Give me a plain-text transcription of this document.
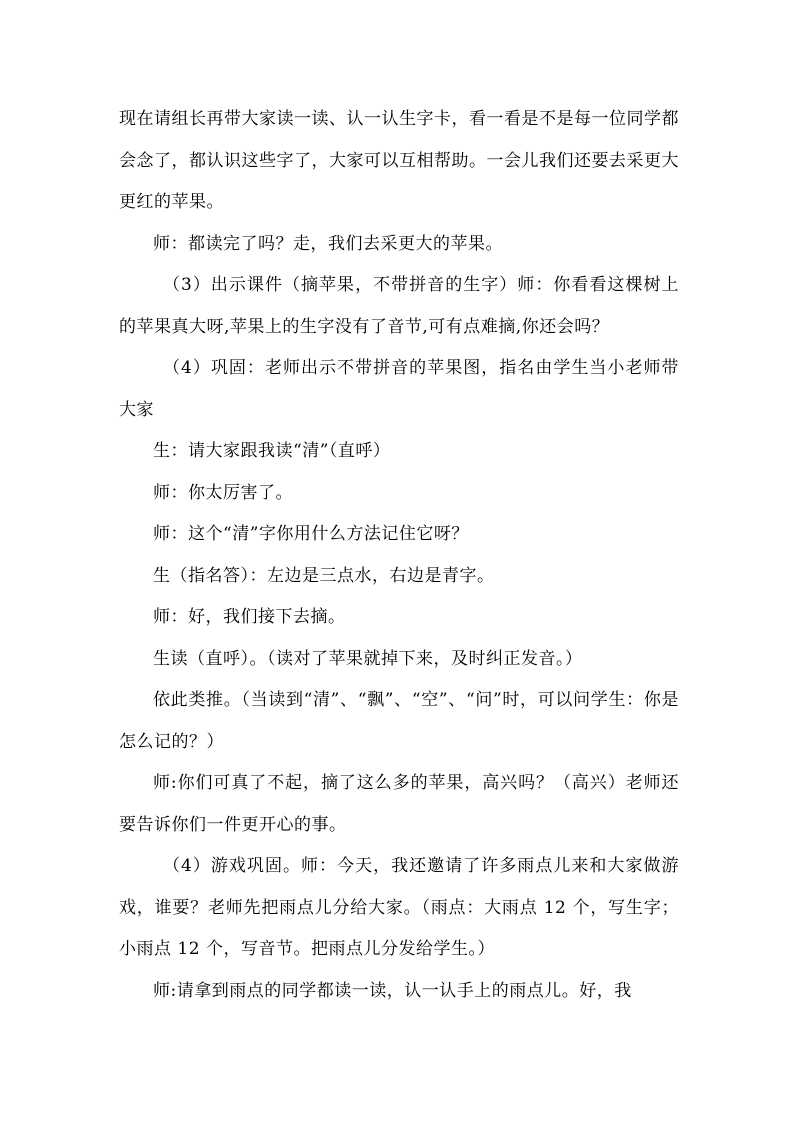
现在请组长再带大家读一读、认一认生字卡，看一看是不是每一位同学都会念了，都认识这些字了，大家可以互相帮助。一会儿我们还要去采更大更红的苹果。

师：都读完了吗？走，我们去采更大的苹果。

（3）出示课件（摘苹果，不带拼音的生字）师：你看看这棵树上的苹果真大呀,苹果上的生字没有了音节,可有点难摘,你还会吗？

（4）巩固：老师出示不带拼音的苹果图，指名由学生当小老师带大家

生：请大家跟我读“清”（直呼）

师：你太厉害了。

师：这个“清”字你用什么方法记住它呀？

生（指名答）：左边是三点水，右边是青字。

师：好，我们接下去摘。

生读（直呼）。（读对了苹果就掉下来，及时纠正发音。）

依此类推。（当读到“清”、“飘”、“空”、“问”时，可以问学生：你是怎么记的？）

师:你们可真了不起，摘了这么多的苹果，高兴吗？（高兴）老师还要告诉你们一件更开心的事。

（4）游戏巩固。师：今天，我还邀请了许多雨点儿来和大家做游戏，谁要？老师先把雨点儿分给大家。（雨点：大雨点 12 个，写生字；小雨点 12 个，写音节。把雨点儿分发给学生。）

师:请拿到雨点的同学都读一读，认一认手上的雨点儿。好，我
